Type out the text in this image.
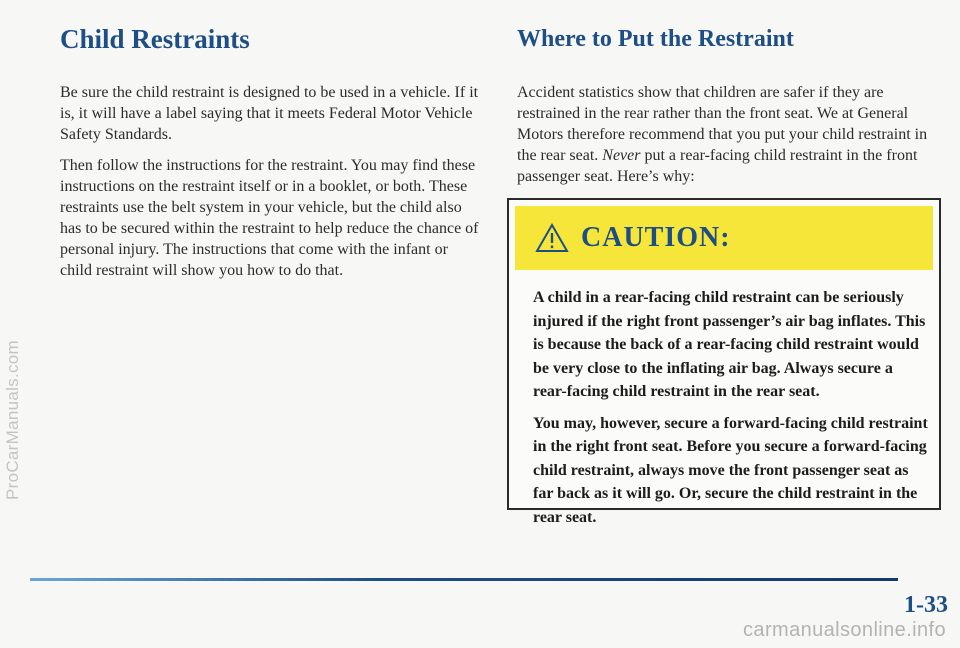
ProCarManuals.com
Child Restraints

Be sure the child restraint is designed to be used in a vehicle. If it is, it will have a label saying that it meets Federal Motor Vehicle Safety Standards.

Then follow the instructions for the restraint. You may find these instructions on the restraint itself or in a booklet, or both. These restraints use the belt system in your vehicle, but the child also has to be secured within the restraint to help reduce the chance of personal injury. The instructions that come with the infant or child restraint will show you how to do that.

Where to Put the Restraint

Accident statistics show that children are safer if they are restrained in the rear rather than the front seat. We at General Motors therefore recommend that you put your child restraint in the rear seat. Never put a rear-facing child restraint in the front passenger seat. Here’s why:

CAUTION:

A child in a rear-facing child restraint can be seriously injured if the right front passenger’s air bag inflates. This is because the back of a rear-facing child restraint would be very close to the inflating air bag. Always secure a rear-facing child restraint in the rear seat.

You may, however, secure a forward-facing child restraint in the right front seat. Before you secure a forward-facing child restraint, always move the front passenger seat as far back as it will go. Or, secure the child restraint in the rear seat.

1-33
carmanualsonline.info
